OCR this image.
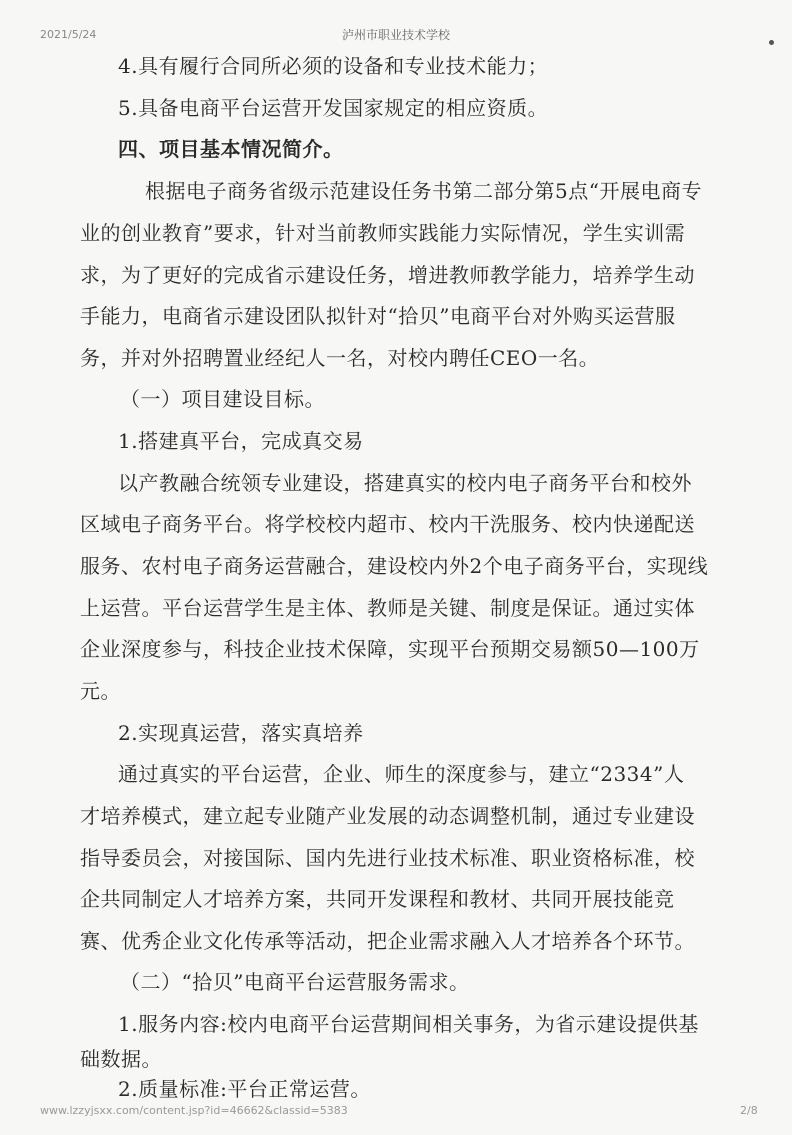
2021/5/24	泸州市职业技术学校
4.具有履行合同所必须的设备和专业技术能力；
5.具备电商平台运营开发国家规定的相应资质。
四、项目基本情况简介。
根据电子商务省级示范建设任务书第二部分第5点“开展电商专
业的创业教育”要求，针对当前教师实践能力实际情况，学生实训需
求，为了更好的完成省示建设任务，增进教师教学能力，培养学生动
手能力，电商省示建设团队拟针对“拾贝”电商平台对外购买运营服
务，并对外招聘置业经纪人一名，对校内聘任CEO一名。
（一）项目建设目标。
1.搭建真平台，完成真交易
以产教融合统领专业建设，搭建真实的校内电子商务平台和校外
区域电子商务平台。将学校校内超市、校内干洗服务、校内快递配送
服务、农村电子商务运营融合，建设校内外2个电子商务平台，实现线
上运营。平台运营学生是主体、教师是关键、制度是保证。通过实体
企业深度参与，科技企业技术保障，实现平台预期交易额50—100万
元。
2.实现真运营，落实真培养
通过真实的平台运营，企业、师生的深度参与，建立“2334”人
才培养模式，建立起专业随产业发展的动态调整机制，通过专业建设
指导委员会，对接国际、国内先进行业技术标准、职业资格标准，校
企共同制定人才培养方案，共同开发课程和教材、共同开展技能竞
赛、优秀企业文化传承等活动，把企业需求融入人才培养各个环节。
（二）“拾贝”电商平台运营服务需求。
1.服务内容:校内电商平台运营期间相关事务，为省示建设提供基
础数据。
2.质量标准:平台正常运营。
www.lzzyjsxx.com/content.jsp?id=46662&classid=5383	2/8
